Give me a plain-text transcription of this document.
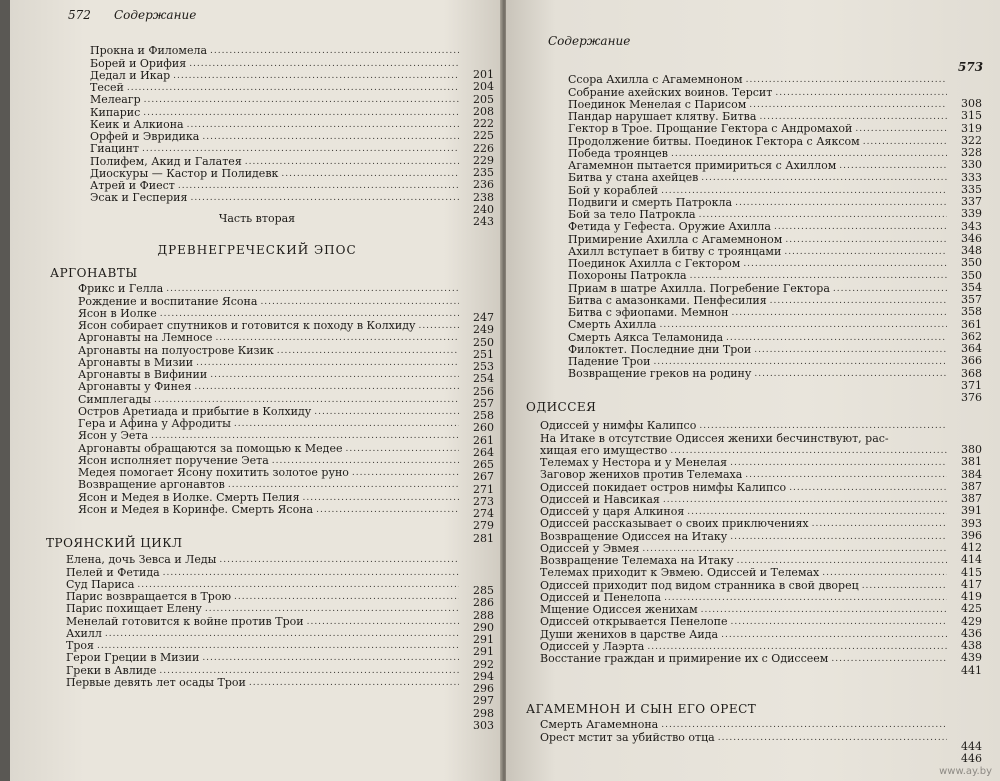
572 Содержание
Прокна и Филомела
.....
Борей и Орифия
.....
Дедал и Икар
.....
Тесей
.....
Мелеагр
.....
Кипарис
.....
Кеик и Алкиона
.....
Орфей и Эвридика
.....
Гиацинт
.....
Полифем, Акид и Галатея
.....
Диоскуры — Кастор и Полидевк
.....
Атрей и Фиест
.....
Эсак и Гесперия
.....
201
204
205
208
222
225
226
229
235
236
238
240
243
Часть вторая
ДРЕВНЕГРЕЧЕСКИЙ ЭПОС
АРГОНАВТЫ
Фрикс и Гелла
.....
Рождение и воспитание Ясона
.....
Ясон в Иолке
.....
Ясон собирает спутников и готовится к походу в Колхиду
.....
Аргонавты на Лемносе
.....
Аргонавты на полуострове Кизик
.....
Аргонавты в Мизии
.....
Аргонавты в Вифинии
.....
Аргонавты у Финея
.....
Симплегады
.....
Остров Аретиада и прибытие в Колхиду
.....
Гера и Афина у Афродиты
.....
Ясон у Эета
.....
Аргонавты обращаются за помощью к Медее
.....
Ясон исполняет поручение Эета
.....
Медея помогает Ясону похитить золотое руно
.....
Возвращение аргонавтов
.....
Ясон и Медея в Иолке. Смерть Пелия
.....
Ясон и Медея в Коринфе. Смерть Ясона
.....
247
249
250
251
253
254
256
257
258
260
261
264
265
267
271
273
274
279
281
ТРОЯНСКИЙ ЦИКЛ
Елена, дочь Зевса и Леды
.....
Пелей и Фетида
.....
Суд Париса
.....
Парис возвращается в Трою
.....
Парис похищает Елену
.....
Менелай готовится к войне против Трои
.....
Ахилл
.....
Троя
.....
Герои Греции в Мизии
.....
Греки в Авлиде
.....
Первые девять лет осады Трои
.....
285
286
288
290
291
291
292
294
296
297
298
303
Содержание
573
Ссора Ахилла с Агамемноном
.....
Собрание ахейских воинов. Терсит
.....
Поединок Менелая с Парисом
.....
Пандар нарушает клятву. Битва
.....
Гектор в Трое. Прощание Гектора с Андромахой
.....
Продолжение битвы. Поединок Гектора с Аяксом
.....
Победа троянцев
.....
Агамемнон пытается примириться с Ахиллом
.....
Битва у стана ахейцев
.....
Бой у кораблей
.....
Подвиги и смерть Патрокла
.....
Бой за тело Патрокла
.....
Фетида у Гефеста. Оружие Ахилла
.....
Примирение Ахилла с Агамемноном
.....
Ахилл вступает в битву с троянцами
.....
Поединок Ахилла с Гектором
.....
Похороны Патрокла
.....
Приам в шатре Ахилла. Погребение Гектора
.....
Битва с амазонками. Пенфесилия
.....
Битва с эфиопами. Мемнон
.....
Смерть Ахилла
.....
Смерть Аякса Теламонида
.....
Филоктет. Последние дни Трои
.....
Падение Трои
.....
Возвращение греков на родину
.....
308
315
319
322
328
330
333
335
337
339
343
346
348
350
350
354
357
358
361
362
364
366
368
371
376
ОДИССЕЯ
Одиссей у нимфы Калипсо
.....
На Итаке в отсутствие Одиссея женихи бесчинствуют, рас-
хищая его имущество
.....
Телемах у Нестора и у Менелая
.....
Заговор женихов против Телемаха
.....
Одиссей покидает остров нимфы Калипсо
.....
Одиссей и Навсикая
.....
Одиссей у царя Алкиноя
.....
Одиссей рассказывает о своих приключениях
.....
Возвращение Одиссея на Итаку
.....
Одиссей у Эвмея
.....
Возвращение Телемаха на Итаку
.....
Телемах приходит к Эвмею. Одиссей и Телемах
.....
Одиссей приходит под видом странника в свой дворец
.....
Одиссей и Пенелопа
.....
Мщение Одиссея женихам
.....
Одиссей открывается Пенелопе
.....
Души женихов в царстве Аида
.....
Одиссей у Лаэрта
.....
Восстание граждан и примирение их с Одиссеем
.....
380
381
384
387
387
391
393
396
412
414
415
417
419
425
429
436
438
439
441
АГАМЕМНОН И СЫН ЕГО ОРЕСТ
Смерть Агамемнона
.....
Орест мстит за убийство отца
.....
444
446
www.ay.by
